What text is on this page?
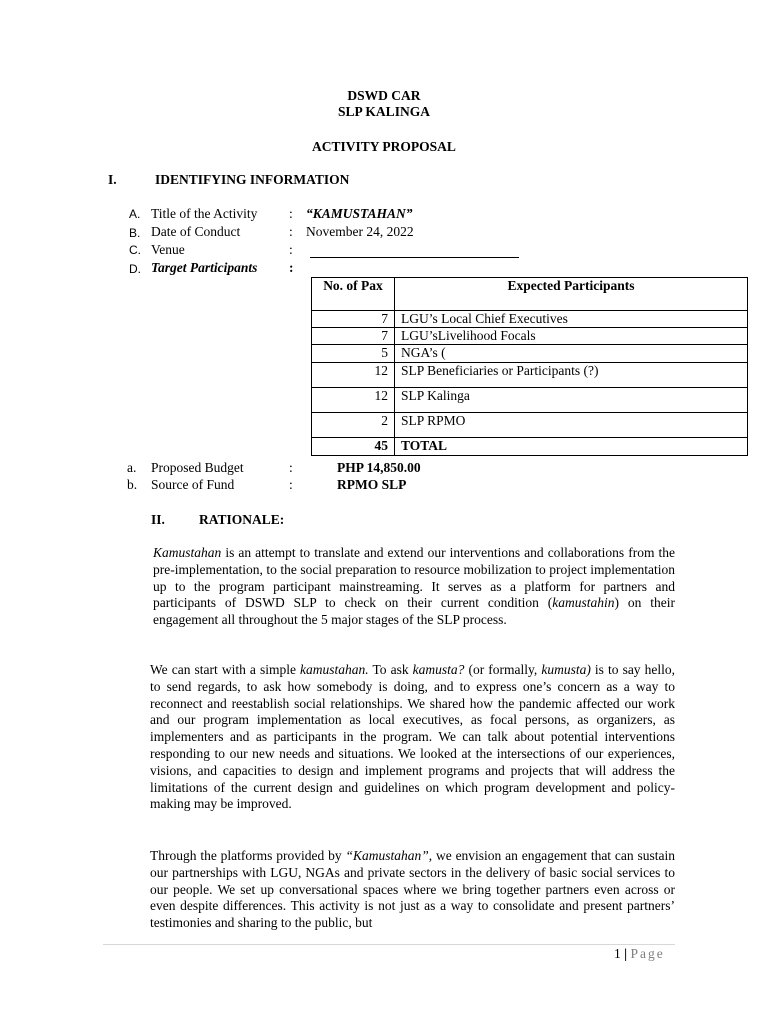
DSWD CAR
SLP KALINGA
ACTIVITY PROPOSAL
I.	IDENTIFYING INFORMATION
A. Title of the Activity : “KAMUSTAHAN”
B. Date of Conduct	: November 24, 2022
C. Venue	:
D. Target Participants :
No. of Pax	Expected Participants
7	LGU’s Local Chief Executives
7	LGU’sLivelihood Focals
5	NGA’s (
12	SLP Beneficiaries or Participants (?)
12	SLP Kalinga
2	SLP RPMO
45	TOTAL
a. Proposed Budget	:	PHP 14,850.00
b. Source of Fund	:	RPMO SLP
II.	RATIONALE:
Kamustahan is an attempt to translate and extend our interventions and collaborations from the pre-implementation, to the social preparation to resource mobilization to project implementation up to the program participant mainstreaming. It serves as a platform for partners and participants of DSWD SLP to check on their current condition (kamustahin) on their engagement all throughout the 5 major stages of the SLP process.
We can start with a simple kamustahan. To ask kamusta? (or formally, kumusta) is to say hello, to send regards, to ask how somebody is doing, and to express one’s concern as a way to reconnect and reestablish social relationships. We shared how the pandemic affected our work and our program implementation as local executives, as focal persons, as organizers, as implementers and as participants in the program. We can talk about potential interventions responding to our new needs and situations. We looked at the intersections of our experiences, visions, and capacities to design and implement programs and projects that will address the limitations of the current design and guidelines on which program development and policy-making may be improved.
Through the platforms provided by “Kamustahan”, we envision an engagement that can sustain our partnerships with LGU, NGAs and private sectors in the delivery of basic social services to our people. We set up conversational spaces where we bring together partners even across or even despite differences. This activity is not just as a way to consolidate and present partners’ testimonies and sharing to the public, but
1 | Page
